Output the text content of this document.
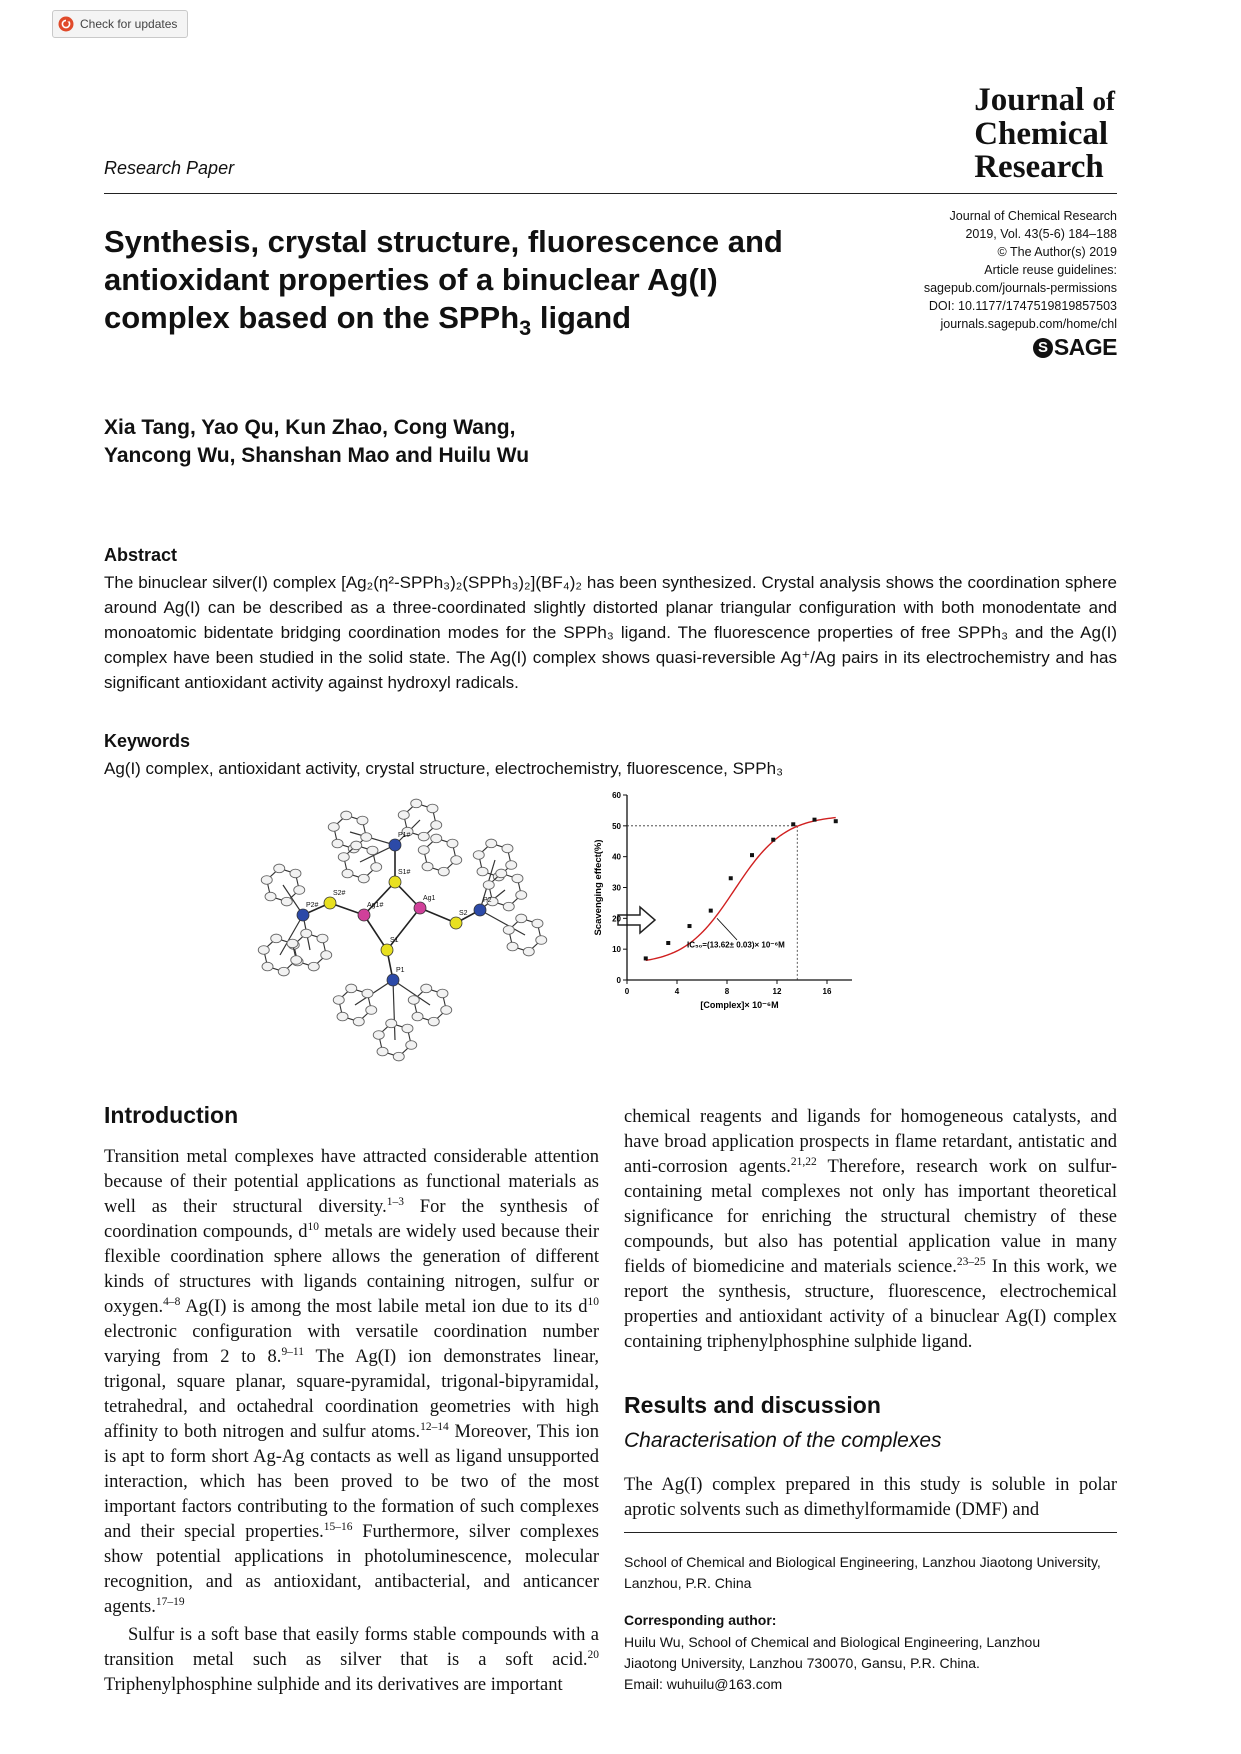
Check for updates
Journal of
Chemical
Research
Research Paper
Synthesis, crystal structure, fluorescence and
antioxidant properties of a binuclear Ag(I)
complex based on the SPPh$_3$ ligand
Journal of Chemical Research
2019, Vol. 43(5-6) 184–188
© The Author(s) 2019
Article reuse guidelines:
sagepub.com/journals-permissions
DOI: 10.1177/1747519819857503
journals.sagepub.com/home/chl
S SAGE
Xia Tang, Yao Qu, Kun Zhao, Cong Wang,
Yancong Wu, Shanshan Mao and Huilu Wu
Abstract
The binuclear silver(I) complex [Ag₂(η²-SPPh₃)₂(SPPh₃)₂](BF₄)₂ has been synthesized. Crystal analysis shows the coordination sphere around Ag(I) can be described as a three-coordinated slightly distorted planar triangular configuration with both monodentate and monoatomic bidentate bridging coordination modes for the SPPh₃ ligand. The fluorescence properties of free SPPh₃ and the Ag(I) complex have been studied in the solid state. The Ag(I) complex shows quasi-reversible Ag⁺/Ag pairs in its electrochemistry and has significant antioxidant activity against hydroxyl radicals.
Keywords
Ag(I) complex, antioxidant activity, crystal structure, electrochemistry, fluorescence, SPPh₃
P1#
S1#
S2#
P2#	Ag1#
S1
Ag1
S2
P2
P1
0
10
20
30
40
50
60
0	4	8	12	16
IC₅₀=(13.62± 0.03)× 10⁻⁶M
[Complex]× 10⁻⁶M
Scavenging effect(%)
Introduction
Transition metal complexes have attracted considerable attention because of their potential applications as functional materials as well as their structural diversity.$^{1-3}$ For the synthesis of coordination compounds, $d^{10}$ metals are widely used because their flexible coordination sphere allows the generation of different kinds of structures with ligands containing nitrogen, sulfur or oxygen.$^{4-8}$ Ag(I) is among the most labile metal ion due to its $d^{10}$ electronic configuration with versatile coordination number varying from 2 to 8.$^{9-11}$ The Ag(I) ion demonstrates linear, trigonal, square planar, square-pyramidal, trigonal-bipyramidal, tetrahedral, and octahedral coordination geometries with high affinity to both nitrogen and sulfur atoms.$^{12-14}$ Moreover, This ion is apt to form short Ag-Ag contacts as well as ligand unsupported interaction, which has been proved to be two of the most important factors contributing to the formation of such complexes and their special properties.$^{15-16}$ Furthermore, silver complexes show potential applications in photoluminescence, molecular recognition, and as antioxidant, antibacterial, and anticancer agents.$^{17-19}$
Sulfur is a soft base that easily forms stable compounds with a transition metal such as silver that is a soft acid.$^{20}$ Triphenylphosphine sulphide and its derivatives are important
chemical reagents and ligands for homogeneous catalysts, and have broad application prospects in flame retardant, antistatic and anti-corrosion agents.$^{21,22}$ Therefore, research work on sulfur-containing metal complexes not only has important theoretical significance for enriching the structural chemistry of these compounds, but also has potential application value in many fields of biomedicine and materials science.$^{23-25}$ In this work, we report the synthesis, structure, fluorescence, electrochemical properties and antioxidant activity of a binuclear Ag(I) complex containing triphenylphosphine sulphide ligand.
Results and discussion
Characterisation of the complexes
The Ag(I) complex prepared in this study is soluble in polar aprotic solvents such as dimethylformamide (DMF) and
School of Chemical and Biological Engineering, Lanzhou Jiaotong University, Lanzhou, P.R. China
Corresponding author:
Huilu Wu, School of Chemical and Biological Engineering, Lanzhou
Jiaotong University, Lanzhou 730070, Gansu, P.R. China.
Email: wuhuilu@163.com
